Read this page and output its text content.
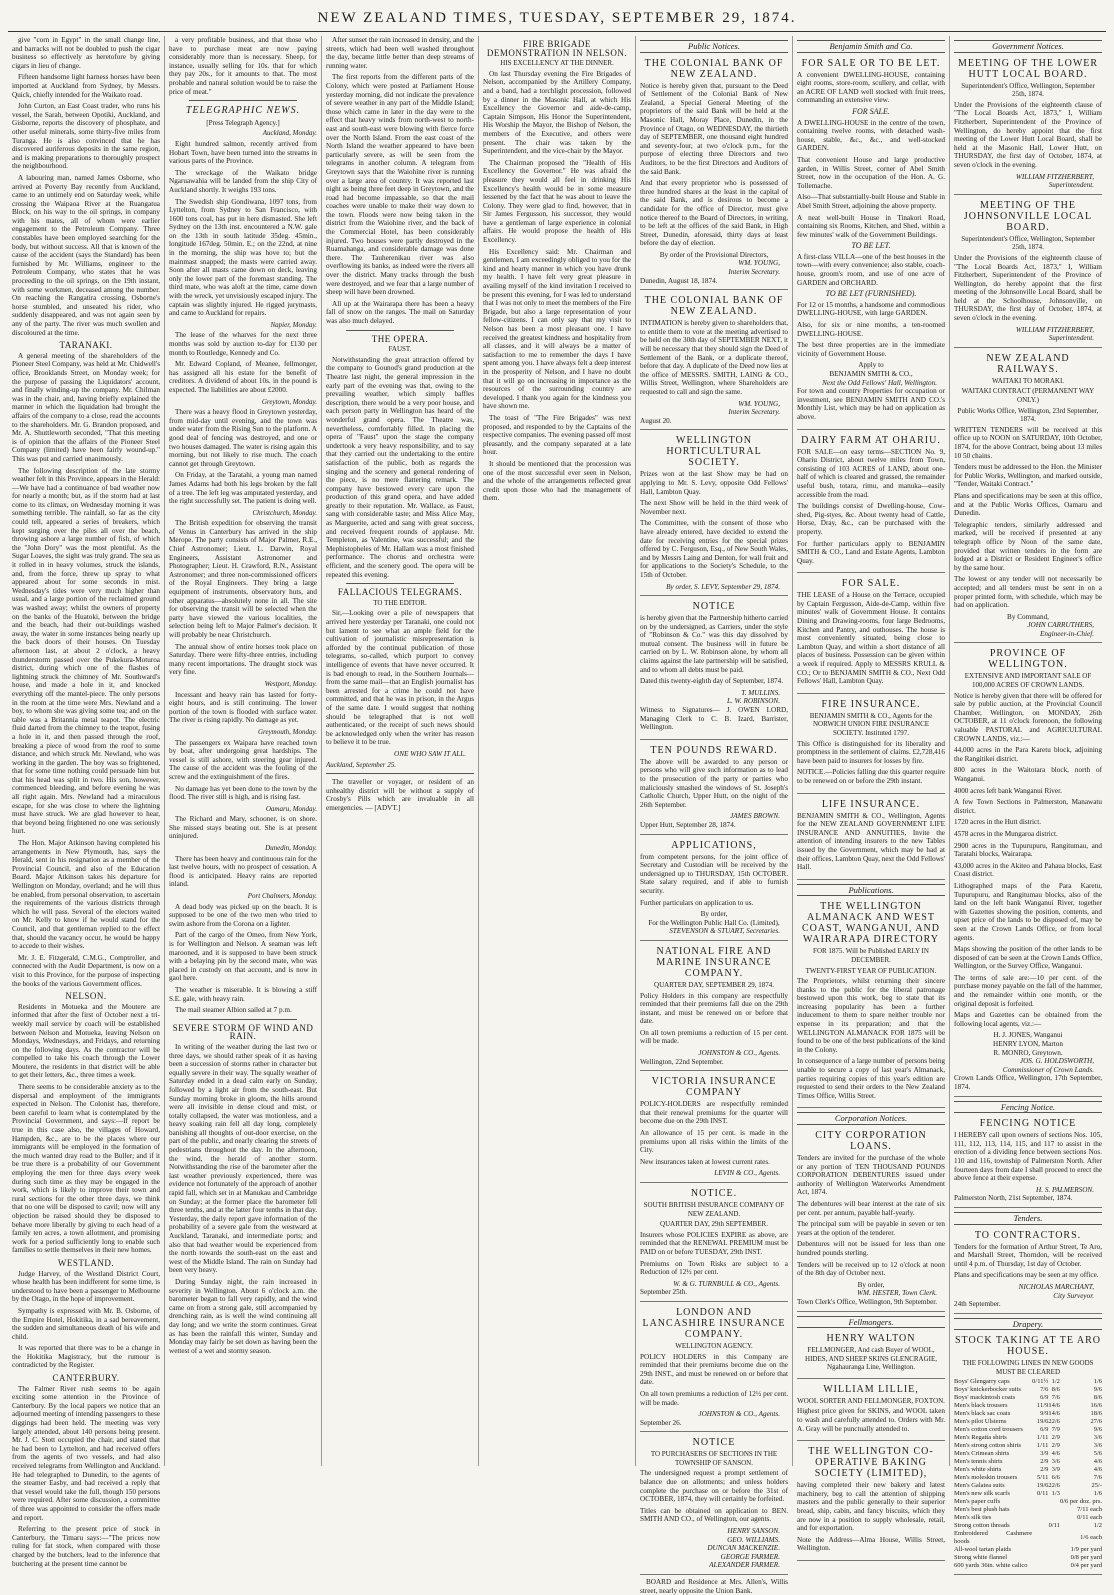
NEW ZEALAND TIMES, TUESDAY, SEPTEMBER 29, 1874.

give "corn in Egypt" in the small change line, and barracks will not be doubled to push the cigar business so effectively as heretofore by giving cigars in lieu of change.

Fifteen handsome light harness horses have been imported at Auckland from Sydney, by Messrs. Quick, chiefly intended for the Waikato road.

John Curton, an East Coast trader, who runs his vessel, the Sarah, between Opotiki, Auckland, and Gisborne, reports the discovery of phosphate, and other useful minerals, some thirty-five miles from Turanga. He is also convinced that he has discovered auriferous deposits in the same region, and is making preparations to thoroughly prospect the neighbourhood.

A labouring man, named James Osborne, who arrived at Poverty Bay recently from Auckland, came to an untimely end on Saturday week, while crossing the Waipaoa River at the Ruangatua Block, on his way to the oil springs, in company with his mates, all of whom were earlier engagement to the Petroleum Company. Three constables have been employed searching for the body, but without success. All that is known of the cause of the accident (says the Standard) has been furnished by Mr. Williams, engineer to the Petroleum Company, who states that he was proceeding to the oil springs, on the 19th instant, with some workmen, deceased among the number. On reaching the Rangatira crossing, Osborne's horse stumbled, and unseated his rider, who suddenly disappeared, and was not again seen by any of the party. The river was much swollen and discoloured at the time.

TARANAKI.

A general meeting of the shareholders of the Pioneer Steel Company, was held at Mr. Chidwell's office, Brooklands Street, on Monday week; for the purpose of passing the Liquidators' account, and finally winding-up the company. Mr. Chilman was in the chair, and, having briefly explained the manner in which the liquidation had brought the affairs of the company to a close, read the accounts to the shareholders. Mr. G. Brandon proposed, and Mr. A. Shuttleworth seconded, "That this meeting is of opinion that the affairs of the Pioneer Steel Company (limited) have been fairly wound-up." This was put and carried unanimously.

The following description of the late stormy weather felt in this Province, appears in the Herald:—We have had a continuance of bad weather now for nearly a month; but, as if the storm had at last come to its climax, on Wednesday morning it was something terrible. The rainfall, so far as the city could tell, appeared a series of breakers, which kept surging over the piles all over the beach, throwing ashore a large number of fish, of which the "John Dory" was the most plentiful. As the Sugar Loaves, the sight was truly grand. The sea as it rolled in in heavy volumes, struck the islands, and, from the force, threw up spray to what appeared about for some seconds in mist. Wednesday's tides were very much higher than usual, and a large portion of the reclaimed ground was washed away; whilst the owners of property on the banks of the Huatoki, between the bridge and the beach, had their out-buildings washed away, the water in some instances being nearly up the back doors of their houses. On Tuesday afternoon last, at about 2 o'clock, a heavy thunderstorm passed over the Pukekura-Moturoa district, during which one of the flashes of lightning struck the chimney of Mr. Southward's house, and made a hole in it, and knocked everything off the mantel-piece. The only persons in the room at the time were Mrs. Newland and a boy, to whom she was giving some tea; and on the table was a Britannia metal teapot. The electric fluid darted from the chimney to the teapot, fusing a hole in it, and then passed through the roof, breaking a piece of wood from the roof to some distance, and which struck Mr. Newland, who was working in the garden. The boy was so frightened, that for some time nothing could persuade him but that his head was split in two. His son, however, commenced bleeding, and before evening he was all right again. Mrs. Newland had a miraculous escape, for she was close to where the lightning must have struck. We are glad however to hear, that beyond being frightened no one was seriously hurt.

The Hon. Major Atkinson having completed his arrangements in New Plymouth, has, says the Herald, sent in his resignation as a member of the Provincial Council, and also of the Education Board. Major Atkinson takes his departure for Wellington on Monday, overland; and he will thus be enabled, from personal observation, to ascertain the requirements of the various districts through which he will pass. Several of the electors waited on Mr. Kelly to know if he would stand for the Council, and that gentleman replied to the effect that, should the vacancy occur, he would be happy to accede to their wishes.

Mr. J. E. Fitzgerald, C.M.G., Comptroller, and connected with the Audit Department, is now on a visit to this Province, for the purpose of inspecting the books of the various Government offices.

NELSON.

Residents in Motueka and the Moutere are informed that after the first of October next a tri-weekly mail service by coach will be established between Nelson and Motueka, leaving Nelson on Mondays, Wednesdays, and Fridays, and returning on the following days. As the contractor will be compelled to take his coach through the Lower Moutere, the residents in that district will be able to get their letters, &c., three times a week.

There seems to be considerable anxiety as to the dispersal and employment of the immigrants expected in Nelson. The Colonist has, therefore, been careful to learn what is contemplated by the Provincial Government, and says:—If report be true in this case also, the villages of Howard, Hampden, &c., are to be the places where our immigrants will be employed in the formation of the much wanted dray road to the Buller; and if it be true there is a probability of our Government employing the men for three days every week during such time as they may be engaged in the work, which is likely to improve their town and rural sections for the other three days, we think that no one will be disposed to cavil; now will any objection be raised should they be disposed to behave more liberally by giving to each head of a family ten acres, a town allotment, and promising work for a period sufficiently long to enable such families to settle themselves in their new homes.

WESTLAND.

Judge Harvey, of the Westland District Court, whose health has been indifferent for some time, is understood to have been a passenger to Melbourne by the Otago, in the hope of improvement.

Sympathy is expressed with Mr. B. Osborne, of the Empire Hotel, Hokitika, in a sad bereavement, the sudden and simultaneous death of his wife and child.

It was reported that there was to be a change in the Hokitika Magistracy, but the rumour is contradicted by the Register.

CANTERBURY.

The Falmer River rush seems to be again exciting some attention in the Province of Canterbury. By the local papers we notice that an adjourned meeting of intending passengers to these diggings had been held. The meeting was very largely attended, about 140 persons being present. Mr. J. C. Stott occupied the chair, and stated that he had been to Lyttelton, and had received offers from the agents of two vessels, and had also received telegrams from Wellington and Auckland. He had telegraphed to Dunedin, to the agents of the steamer Easby, and had received a reply that that vessel would take the full, though 150 persons were required. After some discussion, a committee of three was appointed to consider the offers made and report.

Referring to the present price of stock in Canterbury, the Timaru says:—"The prices now ruling for fat stock, when compared with those charged by the butchers, lead to the inference that butchering at the present time cannot be

a very profitable business, and that those who have to purchase meat are now paying considerably more than is necessary. Sheep, for instance, usually selling for 10s. that for which they pay 20s., for it amounts to that. The most probable and natural solution would be to raise the price of meat."

TELEGRAPHIC NEWS.
[Press Telegraph Agency.]
Auckland, Monday.

Eight hundred salmon, recently arrived from Hobart Town, have been turned into the streams in various parts of the Province.

The wreckage of the Waikato bridge Ngaruawahia will be landed from the ship City of Auckland shortly. It weighs 193 tons.

The Swedish ship Gondiwana, 1097 tons, from Lyttelton, from Sydney to San Francisco, with 1600 tons coal, has put in here dismasted. She left Sydney on the 13th inst. encountered a N.W. gale on the 13th in south latitude 35deg. 45min., longitude 167deg. 50min. E.; on the 22nd, at nine in the morning, the ship was hove to; but the mainmast snapped; the masts were carried away. Soon after all masts came down on deck, leaving only the lower part of the foremast standing. The third mate, who was aloft at the time, came down with the wreck, yet unvisiously escaped injury. The captain was slightly injured. He rigged jurymasts, and came to Auckland for repairs.

Napier, Monday.

The lease of the wharves for the next three months was sold by auction to-day for £130 per month to Routledge, Kennedy and Co.

Mr. Edward Copland, of Meanee, fellmonger, has assigned all his estate for the benefit of creditors. A dividend of about 10s. in the pound is expected. The liabilities are about £2000.

Greytown, Monday.

There was a heavy flood in Greytown yesterday, from mid-day until evening, and the town was under water from the Rising Sun to the platform. A good deal of fencing was destroyed, and one or two houses damaged. The water is rising again this morning, but not likely to rise much. The coach cannot get through Greytown.

On Friday, at the Taratahi, a young man named James Adams had both his legs broken by the fall of a tree. The left leg was amputated yesterday, and the right successfully set. The patient is doing well.

Christchurch, Monday.

The British expedition for observing the transit of Venus in Canterbury has arrived in the ship Merope. The party consists of Major Palmer, R.E., Chief Astronomer; Lieut. L. Darwin, Royal Engineers, Assistant Astronomer and Photographer; Lieut. H. Crawford, R.N., Assistant Astronomer; and three non-commissioned officers of the Royal Engineers. They bring a large equipment of instruments, observatory huts, and other apparatus—absolutely none in all. The site for observing the transit will be selected when the party have viewed the various localities, the selection being left to Major Palmer's decision. It will probably be near Christchurch.

The annual show of entire horses took place on Saturday. There were fifty-three entries, including many recent importations. The draught stock was very fine.

Westport, Monday.

Incessant and heavy rain has lasted for forty-eight hours, and is still continuing. The lower portion of the town is flooded with surface water. The river is rising rapidly. No damage as yet.

Greymouth, Monday.

The passengers ex Waipara have reached town by boat, after undergoing great hardships. The vessel is still ashore, with steering gear injured. The cause of the accident was the fouling of the screw and the extinguishment of the fires.

No damage has yet been done to the town by the flood. The river still is high, and is rising fast.

Oamaru, Monday.

The Richard and Mary, schooner, is on shore. She missed stays beating out. She is at present uninjured.

Dunedin, Monday.

There has been heavy and continuous rain for the last twelve hours, with no prospect of cessation. A flood is anticipated. Heavy rains are reported inland.

Port Chalmers, Monday.

A dead body was picked up on the beach. It is supposed to be one of the two men who tried to swim ashore from the Corona on a lighter.

Part of the cargo of the Omeo, from New York, is for Wellington and Nelson. A seaman was left marooned, and it is supposed to have been struck with a belaying pin by the second mate, who was placed in custody on that account, and is now in gaol here.

The weather is miserable. It is blowing a stiff S.E. gale, with heavy rain.

The mail steamer Albion sailed at 7 p.m.

SEVERE STORM OF WIND AND RAIN.

In writing of the weather during the last two or three days, we should rather speak of it as having been a succession of storms rather in character but equally severe in their way. The squally weather of Saturday ended in a dead calm early on Sunday, followed by a light air from the south-east. But Sunday morning broke in gloom, the hills around were all invisible in dense cloud and mist, or totally collapsed, the water was motionless, and a heavy soaking rain fell all day long, completely banishing all thoughts of out-door exercise, on the part of the public, and nearly clearing the streets of pedestrians throughout the day. In the afternoon, the wind, the herald of another storm. Notwithstanding the rise of the barometer after the last weather previously experienced, there was evidence not fortunately of the approach of another rapid fall, which set in at Manukau and Cambridge on Sunday; at the former place the barometer fell three tenths, and at the latter four tenths in that day. Yesterday, the daily report gave information of the probability of a severe gale from the westward at Auckland, Taranaki, and intermediate ports; and also that bad weather would be experienced from the north towards the south-east on the east and west of the Middle Island. The rain on Sunday had been very heavy.

During Sunday night, the rain increased in severity in Wellington. About 6 o'clock a.m. the barometer began to fall very rapidly, and the wind came on from a strong gale, still accompanied by drenching rain, as is well the wind continuing all day long; and we write the storm continues. Great as has been the rainfall this winter, Sunday and Monday may fairly be set down as having been the wettest of a wet and stormy season.

After sunset the rain increased in density, and the streets, which had been well washed throughout the day, became little better than deep streams of running water.

The first reports from the different parts of the Colony, which were posted at Parliament House yesterday morning, did not indicate the prevalence of severe weather in any part of the Middle Island; those which came in later in the day were to the effect that heavy winds from north-west to north-east and south-east were blowing with fierce force over the North Island. From the east coast of the North Island the weather appeared to have been particularly severe, as will be seen from the telegrams in another column. A telegram from Greytown says that the Waiohine river is running over a large area of country. It was reported last night as being three feet deep in Greytown, and the road had become impassable, so that the mail coaches were unable to make their way down to the town. Floods were now being taken in the district from the Waiohine river, and the back of the Commercial Hotel, has been considerably injured. Two houses were partly destroyed in the Ruamahanga, and considerable damage was done there. The Tauherenikau river was also overflowing its banks, as indeed were the rivers all over the district. Many tracks through the bush were destroyed, and we fear that a large number of sheep will have been drowned.

All up at the Wairarapa there has been a heavy fall of snow on the ranges. The mail on Saturday was also much delayed.

THE OPERA.
FAUST.

Notwithstanding the great attraction offered by the company to Gounod's grand production at the Theatre last night, the general impression in the early part of the evening was that, owing to the prevailing weather, which simply baffles description, there would be a very poor house, and each person party in Wellington has heard of the wonderful grand opera. The Theatre was, nevertheless, comfortably filled. In placing the opera of "Faust" upon the stage the company undertook a very heavy responsibility, and to say that they carried out the undertaking to the entire satisfaction of the public, both as regards the singing and the scenery and general rendering of the piece, is no mere flattering remark. The company have bestowed every care upon the production of this grand opera, and have added greatly to their reputation. Mr. Wallace, as Faust, sang with considerable taste; and Miss Alice May, as Marguerite, acted and sang with great success, and received frequent rounds of applause. Mr. Templeton, as Valentine, was successful; and the Mephistopheles of Mr. Hallam was a most finished performance. The chorus and orchestra were efficient, and the scenery good. The opera will be repeated this evening.

FALLACIOUS TELEGRAMS.
TO THE EDITOR.

Sir,—Looking over a pile of newspapers that arrived here yesterday per Taranaki, one could not but lament to see what an ample field for the cultivation of journalistic misrepresentation is afforded by the continual publication of those telegrams, so-called, which purport to convey intelligence of events that have never occurred. It is bad enough to read, in the Southern Journals—from the same mail—that an English journalist has been arrested for a crime he could not have committed, and that he was in prison, in the Argus of the same date. I would suggest that nothing should be telegraphed that is not well authenticated, or the receipt of such news should be acknowledged only when the writer has reason to believe it to be true.

ONE WHO SAW IT ALL.
Auckland, September 25.

The traveller or voyager, or resident of an unhealthy district will be without a supply of Crosby's Pills which are invaluable in all emergencies. — [ADVT.]

FIRE BRIGADE DEMONSTRATION IN NELSON.
HIS EXCELLENCY AT THE DINNER.

On last Thursday evening the Fire Brigades of Nelson, accompanied by the Artillery Company, and a band, had a torchlight procession, followed by a dinner in the Masonic Hall, at which His Excellency the Governor and aide-de-camp, Captain Simpson, His Honor the Superintendent, His Worship the Mayor, the Bishop of Nelson, the members of the Executive, and others were present. The chair was taken by the Superintendent, and the vice-chair by the Mayor.

The Chairman proposed the "Health of His Excellency the Governor." He was afraid the pleasure they would all feel in drinking His Excellency's health would be in some measure lessened by the fact that he was about to leave the Colony. They were glad to find, however, that in Sir James Fergusson, his successor, they would have a gentleman of large experience in colonial affairs. He would propose the health of His Excellency.

His Excellency said: Mr. Chairman and gentlemen, I am exceedingly obliged to you for the kind and hearty manner in which you have drunk my health. I have felt very great pleasure in availing myself of the kind invitation I received to be present this evening, for I was led to understand that I was not only to meet the members of the Fire Brigade, but also a large representation of your fellow-citizens. I can only say that my visit to Nelson has been a most pleasant one. I have received the greatest kindness and hospitality from all classes, and it will always be a matter of satisfaction to me to remember the days I have spent among you. I have always felt a deep interest in the prosperity of Nelson, and I have no doubt that it will go on increasing in importance as the resources of the surrounding country are developed. I thank you again for the kindness you have shown me.

The toast of "The Fire Brigades" was next proposed, and responded to by the Captains of the respective companies. The evening passed off most pleasantly, and the company separated at a late hour.

It should be mentioned that the procession was one of the most successful ever seen in Nelson, and the whole of the arrangements reflected great credit upon those who had the management of them.

Public Notices.
THE COLONIAL BANK OF NEW ZEALAND.

Notice is hereby given that, pursuant to the Deed of Settlement of the Colonial Bank of New Zealand, a Special General Meeting of the proprietors of the said Bank will be held at the Masonic Hall, Moray Place, Dunedin, in the Province of Otago, on WEDNESDAY, the thirtieth day of SEPTEMBER, one thousand eight hundred and seventy-four, at two o'clock p.m., for the purpose of electing three Directors and two Auditors, to be the first Directors and Auditors of the said Bank.

And that every proprietor who is possessed of three hundred shares at the least in the capital of the said Bank, and is desirous to become a candidate for the office of Director, must give notice thereof to the Board of Directors, in writing, to be left at the offices of the said Bank, in High Street, Dunedin, aforesaid, thirty days at least before the day of election.

By order of the Provisional Directors,
WM. YOUNG,
Interim Secretary.
Dunedin, August 18, 1874.
THE COLONIAL BANK OF NEW ZEALAND.

INTIMATION is hereby given to shareholders that, to entitle them to vote at the meeting advertised to be held on the 30th day of SEPTEMBER NEXT, it will be necessary that they should sign the Deed of Settlement of the Bank, or a duplicate thereof, before that day. A duplicate of the Deed now lies at the office of MESSRS. SMITH, LAING & CO., Willis Street, Wellington, where Shareholders are requested to call and sign the same.

WM. YOUNG,
Interim Secretary.
August 20.
WELLINGTON HORTICULTURAL SOCIETY.

Prizes won at the last Show may be had on applying to Mr. S. Levy, opposite Odd Fellows' Hall, Lambton Quay.

The next Show will be held in the third week of November next.

The Committee, with the consent of those who have already entered, have decided to extend the date for receiving entries for the special prizes offered by C. Ferguson, Esq., of New South Wales, and by Messrs Laing and Denton, for wall fruit and for applications to the Society's Schedule, to the 15th of October.

By order, S. LEVY, September 29, 1874.
NOTICE

is hereby given that the Partnership hitherto carried on by the undersigned, as Carriers, under the style of "Robinson & Co." was this day dissolved by mutual consent. The business will in future be carried on by L. W. Robinson alone, by whom all claims against the late partnership will be satisfied, and to whom all debts must be paid.

Dated this twenty-eighth day of September, 1874.

T. MULLINS.
L. W. ROBINSON.

Witness to Signatures— J. OWEN LORD, Managing Clerk to C. B. Izard, Barrister, Wellington.

TEN POUNDS REWARD.

The above will be awarded to any person or persons who will give such information as to lead to the prosecution of the party or parties who maliciously smashed the windows of St. Joseph's Catholic Church, Upper Hutt, on the night of the 26th September.

JAMES BROWN.
Upper Hutt, September 28, 1874.
APPLICATIONS,

from competent persons, for the joint office of Secretary and Custodian will be received by the undersigned up to THURSDAY, 15th OCTOBER. State salary required, and if able to furnish security.

Further particulars on application to us.

By order,
For the Wellington Public Hall Co. (Limited),
STEVENSON & STUART, Secretaries.
NATIONAL FIRE AND MARINE INSURANCE COMPANY.
QUARTER DAY, SEPTEMBER 29, 1874.

Policy Holders in this company are respectfully reminded that their premiums fall due on the 29th instant, and must be renewed on or before that date.

On all town premiums a reduction of 15 per cent. will be made.

JOHNSTON & CO., Agents.
Wellington, 22nd September.
VICTORIA INSURANCE COMPANY

POLICY-HOLDERS are respectfully reminded that their renewal premiums for the quarter will become due on the 29th INST.

An allowance of 15 per cent. is made in the premiums upon all risks within the limits of the City.

New insurances taken at lowest current rates.

LEVIN & CO., Agents.
NOTICE.
SOUTH BRITISH INSURANCE COMPANY OF NEW ZEALAND.
QUARTER DAY, 29th SEPTEMBER.

Insurers whose POLICIES EXPIRE as above, are reminded that the RENEWAL PREMIUM must be PAID on or before TUESDAY, 29th INST.

Premiums on Town Risks are subject to a Reduction of 12½ per cent.

W. & G. TURNBULL & CO., Agents.
September 25th.
LONDON AND LANCASHIRE INSURANCE COMPANY.
WELLINGTON AGENCY.

POLICY HOLDERS in this Company are reminded that their premiums become due on the 29th INST., and must be renewed on or before that date.

On all town premiums a reduction of 12½ per cent. will be made.

JOHNSTON & CO., Agents.
September 26.
NOTICE
TO PURCHASERS OF SECTIONS IN THE TOWNSHIP OF SANSON.

The undersigned request a prompt settlement of balance due on allotments; and unless holders complete the purchase on or before the 31st of OCTOBER, 1874, they will certainly be forfeited.

Titles can be obtained on application to BEN. SMITH AND CO., of Wellington, our agents.

HENRY SANSON.
GEO. WILLIAMS.
DUNCAN MACKENZIE.
GEORGE FARMER.
ALEXANDER FARMER.

BOARD and Residence at Mrs. Allen's, Willis street, nearly opposite the Union Bank.

Benjamin Smith and Co.
FOR SALE OR TO BE LET.

A convenient DWELLING-HOUSE, containing eight rooms, store-room, scullery, and cellar, with an ACRE OF LAND well stocked with fruit trees, commanding an extensive view.

FOR SALE.

A DWELLING-HOUSE in the centre of the town, containing twelve rooms, with detached wash-house, stable, &c., &c., and well-stocked GARDEN.

That convenient House and large productive garden, in Willis Street, corner of Abel Smith Street, now in the occupation of the Hon. A. G. Tollemache.

Also—That substantially-built House and Stable in Abel Smith Street, adjoining the above property.

A neat well-built House in Tinakori Road, containing six Rooms, Kitchen, and Shed, within a few minutes' walk of the Government Buildings.

TO BE LET.

A first-class VILLA—one of the best houses in the town—with every convenience; also stable, coach-house, groom's room, and use of one acre of GARDEN and ORCHARD.

TO BE LET (FURNISHED).

For 12 or 15 months, a handsome and commodious DWELLING-HOUSE, with large GARDEN.

Also, for six or nine months, a ten-roomed DWELLING-HOUSE.

The best three properties are in the immediate vicinity of Government House.

Apply to
BENJAMIN SMITH & CO.,
Next the Odd Fellows' Hall, Wellington.

For town and country Properties for occupation or investment, see BENJAMIN SMITH AND CO.'s Monthly List, which may be had on application as above.

DAIRY FARM AT OHARIU.

FOR SALE—on easy terms—SECTION No. 9, Ohariu District, about twelve miles from Town, consisting of 103 ACRES of LAND, about one-half of which is cleared and grassed, the remainder useful bush, totara, rimu, and manuka—easily accessible from the road.

The buildings consist of Dwelling-house, Cow-shed, Pig-styes, &c. About twenty head of Cattle, Horse, Dray, &c., can be purchased with the property.

For further particulars apply to BENJAMIN SMITH & CO., Land and Estate Agents, Lambton Quay.

FOR SALE.

THE LEASE of a House on the Terrace, occupied by Captain Fergusson, Aide-de-Camp, within five minutes' walk of Government House. It contains Dining and Drawing-rooms, four large Bedrooms, Kitchen and Pantry, and outhouses. The house is most conveniently situated, being close to Lambton Quay, and within a short distance of all places of business. Possession can be given within a week if required. Apply to MESSRS KRULL & CO.; Or to BENJAMIN SMITH & CO., Next Odd Fellows' Hall, Lambton Quay.

FIRE INSURANCE.
BENJAMIN SMITH & CO., Agents for the NORWICH UNION FIRE INSURANCE SOCIETY. Instituted 1797.

This Office is distinguished for its liberality and promptness in the settlement of claims. £2,728,416 have been paid to insurers for losses by fire.

NOTICE.—Policies falling due this quarter require to be renewed on or before the 29th instant.

LIFE INSURANCE.

BENJAMIN SMITH & CO., Wellington, Agents for the NEW ZEALAND GOVERNMENT LIFE INSURANCE AND ANNUITIES, Invite the attention of intending insurers to the new Tables issued by the Government, which may be had at their offices, Lambton Quay, next the Odd Fellows' Hall.

Publications.
THE WELLINGTON ALMANACK AND WEST COAST, WANGANUI, AND WAIRARAPA DIRECTORY
FOR 1875. Will be Published EARLY IN DECEMBER.
TWENTY-FIRST YEAR OF PUBLICATION.

The Proprietors, whilst returning their sincere thanks to the public for the liberal patronage bestowed upon this work, beg to state that its increasing popularity has been a further inducement to them to spare neither trouble nor expense in its preparation; and that the WELLINGTON ALMANACK FOR 1875 will be found to be one of the best publications of the kind in the Colony.

In consequence of a large number of persons being unable to secure a copy of last year's Almanack, parties requiring copies of this year's edition are requested to send their orders to the New Zealand Times Office, Willis Street.

Corporation Notices.
CITY CORPORATION LOANS.

Tenders are invited for the purchase of the whole or any portion of TEN THOUSAND POUNDS CORPORATION DEBENTURES issued under authority of Wellington Waterworks Amendment Act, 1874.

The debentures will bear interest at the rate of six per cent. per annum, payable half-yearly.

The principal sum will be payable in seven or ten years at the option of the tenderer.

Debentures will not be issued for less than one hundred pounds sterling.

Tenders will be received up to 12 o'clock at noon of the 8th day of October next.

By order,
WM. HESTER, Town Clerk.
Town Clerk's Office, Wellington, 9th September.
Fellmongers.
HENRY WALTON
FELLMONGER, And cash Buyer of WOOL, HIDES, AND SHEEP SKINS GLENCRAGIE, Ngahauranga Line, Wellington.
WILLIAM LILLIE,
WOOL SORTER AND FELLMONGER, FOXTON.

Highest price given for SKINS, and WOOL taken to wash and carefully attended to. Orders with Mr. A. Gray will be punctually attended to.

THE WELLINGTON CO-OPERATIVE BAKING SOCIETY (LIMITED),

having completed their new bakery and latest machinery, beg to call the attention of shipping masters and the public generally to their superior bread, ship, cabin, and fancy biscuits, which they are now in a position to supply wholesale, retail, and for exportation.

Note the Address—Alma House, Willis Street, Wellington.

Government Notices.
MEETING OF THE LOWER HUTT LOCAL BOARD.
Superintendent's Office, Wellington, September 25th, 1874.

Under the Provisions of the eighteenth clause of "The Local Boards Act, 1873," I, William Fitzherbert, Superintendent of the Province of Wellington, do hereby appoint that the first meeting of the Lower Hutt Local Board, shall be held at the Masonic Hall, Lower Hutt, on THURSDAY, the first day of October, 1874, at seven o'clock in the evening.

WILLIAM FITZHERBERT,
Superintendent.
MEETING OF THE JOHNSONVILLE LOCAL BOARD.
Superintendent's Office, Wellington, September 25th, 1874.

Under the Provisions of the eighteenth clause of "The Local Boards Act, 1873," I, William Fitzherbert, Superintendent of the Province of Wellington, do hereby appoint that the first meeting of the Johnsonville Local Board, shall be held at the Schoolhouse, Johnsonville, on THURSDAY, the first day of October, 1874, at seven o'clock in the evening.

WILLIAM FITZHERBERT,
Superintendent.
NEW ZEALAND RAILWAYS.
WAITAKI TO MORAKI.
WAITAKI CONTRACT (PERMANENT WAY ONLY.)
Public Works Office, Wellington, 23rd September, 1874.

WRITTEN TENDERS will be received at this office up to NOON on SATURDAY, 10th October, 1874, for the above Contract, being about 13 miles 10 50 chains.

Tenders must be addressed to the Hon. the Minister for Public Works, Wellington, and marked outside, "Tender, Waitaki Contract."

Plans and specifications may be seen at this office, and at the Public Works Offices, Oamaru and Dunedin.

Telegraphic tenders, similarly addressed and marked, will be received if presented at any telegraph office by Noon of the same date, provided that written tenders in the form are lodged at a District or Resident Engineer's office by the same hour.

The lowest or any tender will not necessarily be accepted; and all tenders must be sent in on a proper printed form, with schedule, which may be had on application.

By Command,
JOHN CARRUTHERS,
Engineer-in-Chief.
PROVINCE OF WELLINGTON.
EXTENSIVE AND IMPORTANT SALE OF 100,000 ACRES OF CROWN LANDS.

Notice is hereby given that there will be offered for sale by public auction, at the Provincial Council Chamber, Wellington, on MONDAY, 26th OCTOBER, at 11 o'clock forenoon, the following valuable PASTORAL and AGRICULTURAL CROWN LANDS, viz.:—

44,000 acres in the Para Karetu block, adjoining the Rangitikei district.

800 acres in the Waitotara block, north of Wanganui.

4000 acres left bank Wanganui River.

A few Town Sections in Palmerston, Manawatu district.

1720 acres in the Hutt district.

4578 acres in the Mungaroa district.

2900 acres in the Tupurupuru, Rangitumau, and Taratahi blocks, Wairarapa.

43,000 acres in the Akiteo and Pahaua blocks, East Coast district.

Lithographed maps of the Para Karetu, Tupurupuru, and Rangitumau blocks, also of the land on the left bank Wanganui River, together with Gazettes showing the position, contents, and upset price of the lands to be disposed of, may be seen at the Crown Lands Office, or from local agents.

Maps showing the position of the other lands to be disposed of can be seen at the Crown Lands Office, Wellington, or the Survey Office, Wanganui.

The terms of sale are:—10 per cent. of the purchase money payable on the fall of the hammer, and the remainder within one month, or the original deposit is forfeited.

Maps and Gazettes can be obtained from the following local agents, viz.:—

H. J. JONES, Wanganui
HENRY LYON, Marton
R. MONRO, Greytown.
JOS. G. HOLDSWORTH,
Commissioner of Crown Lands.
Crown Lands Office, Wellington, 17th September, 1874.
Fencing Notice.
FENCING NOTICE

I HEREBY call upon owners of sections Nos. 105, 111, 112, 113, 114, 115, and 117 to assist in the erection of a dividing fence between sections Nos. 110 and 116, township of Palmerston North. After fourteen days from date I shall proceed to erect the above fence at their expense.

H. S. PALMERSON.
Palmerston North, 21st September, 1874.
Tenders.
TO CONTRACTORS.

Tenders for the formation of Arthur Street, Te Aro, and Marshall Street, Thorndon, will be received until 4 p.m. of Thursday, 1st day of October.

Plans and specifications may be seen at my office.

NICHOLAS MARCHANT,
City Surveyor.
24th September.
Drapery.
STOCK TAKING AT TE ARO HOUSE.
THE FOLLOWING LINES IN NEW GOODS MUST BE CLEARED
Boys' Glengarry caps	0/11½	1/2	1/6
Boys' knickerbocker suits	7/6	8/6	9/6
Boys' mackintosh coats	6/9	7/6	8/6
Men's black trousers	11/9	14/6	16/6
Men's black sac coats	9/9	14/6	18/6
Men's pilot Ulsterns	19/6	22/6	27/6
Men's cotton cord trousers	6/9	7/9	9/6
Men's Regatta shirts	1/11	2/9	3/6
Men's strong cotton shirts	1/11	2/9	3/6
Men's Crimean shirts	3/9	4/6	5/6
Men's tennis shirts	2/9	3/6	4/6
Men's white shirts	2/9	3/9	4/6
Men's moleskin trousers	5/11	6/6	7/6
Men's Galatea suits	19/6	22/6	25/-
Men's new silk scarfs	0/11	1/3	1/6
Men's paper cuffs			0/6 per doz. prs.
Men's best plush hats			7/11 each
Men's silk ties			0/11 each
Strong cotton threads		0/11	1/2
Embroidered Cashmere hoods			1/6 each
All-wool tartan plaids			1/9 per yard
Strong white flannel			0/8 per yard
600 yards 36in. white calico			0/4 per yard
